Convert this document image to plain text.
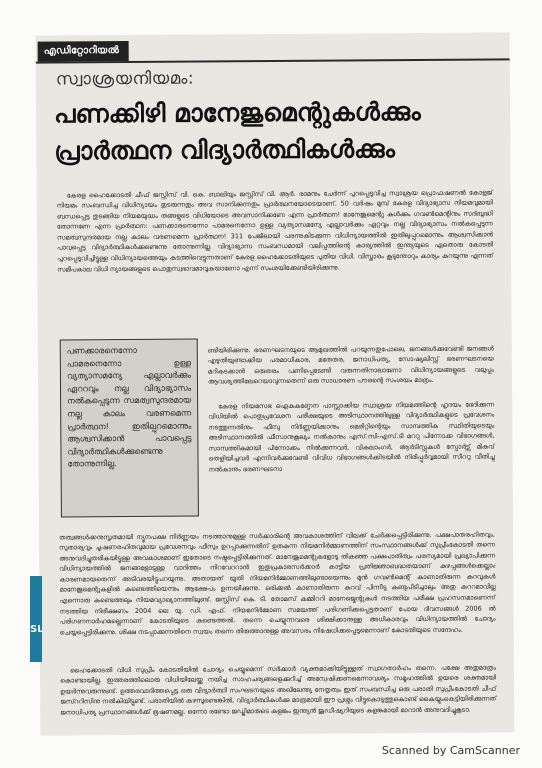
എഡിറ്റോറിയൽ
സ്വാശ്രയനിയമം:
പണക്കിഴി മാനേജുമെന്റുകൾക്കും
പ്രാർത്ഥന വിദ്യാർത്ഥികൾക്കും

കേരള ഹൈക്കോടതി ചീഫ് ജസ്റ്റിസ് വി. കെ. ബാലിയും ജസ്റ്റിസ് വി. ആർ. രാമനും ചേർന്ന് പുറപ്പെടുവിച്ച സ്വാശ്രയ പ്രൊഫഷണൽ കോളജ് നിയമം സംബന്ധിച്ച വിധിന്യായം തുടരുന്നതും അവ സാനിക്കുന്നതും പ്രാർത്ഥനയോടെയാണ്. 50 വർഷം മുമ്പ് കേരള വിദ്യാഭ്യാസ നിയമവുമായി ബന്ധപ്പെട്ട തുടങ്ങിയ നിയമയുദ്ധം തങ്ങളുടെ വിധിയോടെ അവസാനിക്കണേ എന്ന പ്രാർത്ഥന! മാനേജുമെന്റു കൾക്കും ഗവൺമെന്റിനും സദ്ബുദ്ധി തോന്നണേ എന്ന പ്രാർത്ഥന: പണക്കാരനെന്നോ പാമരനെന്നോ ഉള്ള വ്യത്യാസമന്യേ എല്ലാവർക്കും ഏറ്റവും നല്ല വിദ്യാഭ്യാസം നൽകപ്പെടുന്ന സമത്വസുന്ദരമായ നല്ല കാലം വരണമെന്ന പ്രാർത്ഥന! 311 പേജിലായി പരന്നുകിടക്കുന്ന വിധിന്യായത്തിൽ ഇതിലുപ്പുറമൊന്നും ആശ്വസിക്കാൻ പാവപ്പെട്ട വിദ്യാർത്ഥികൾക്കുണ്ടെന്നു തോന്നുന്നില്ല. വിദ്യാഭ്യാസ സംബന്ധമായി വലിപ്പത്തിന്റെ കാര്യത്തിൽ ഇന്ത്യയുടെ ഏതൊരു കോടതി പുറപ്പെടുവിച്ചിട്ടുള്ള വിധിന്യായത്തെയും കടത്തിവെട്ടുന്നതാണ് കേരള ഹൈക്കോടതിയുടെ പുതിയ വിധി. വിസ്താരം കൂടുന്തോറും കാര്യം കുറയുന്നു എന്നത് സമീപകാല വിധി ന്യായങ്ങളുടെ പൊതുസ്വഭാവമാവുകയാണോ എന്ന് സംശയിക്കേണ്ടിയിരിക്കുന്നു.

പണക്കാരനെന്നോ പാമരനെന്നോ ഉള്ള വ്യത്യാസമന്യേ എല്ലാവർക്കും ഏററവും നല്ല വിദ്യാഭ്യാസം നൽകപ്പെടുന്ന സമത്വസുന്ദരമായ നല്ല കാലം വരണമെന്ന പ്രാർത്ഥന! ഇതില്പുറമൊന്നും ആശ്വസിക്കാൻ പാവപ്പെട്ട വിദ്യാർത്ഥികൾക്കുണ്ടെന്നു തോന്നുന്നില്ല.

ണ്ടിയിരിക്കുന്നു. ഭരണഘടനയുടെ ആമുഖത്തിൽ പറയുന്നതുപോലെ, ജനങ്ങൾക്കുവേണ്ടി ജനങ്ങൾ എഴുതിയുണ്ടാക്കിയ പരമാധികാര, മതേതര, ജനാധിപത്യ, സോഷ്യലിസ്റ്റ് ഭരണഘടനയെ മറികടക്കാൻ ഒരുതരം പണിപ്പെടേണ്ടി വരുന്നതിനാലാണോ വിധിന്യായങ്ങളുടെ വലുപ്പം ആവശ്യത്തിലേറെയാവുന്നതെന്ന് ഒരു സാധാരണ പൗരന്റെ സംശയം മാത്രം.

കേരള നിയമസഭ ഐകകണ്ഠേന പാസ്സാക്കിയ സ്വാശ്രയ നിയമത്തിന്റെ ഹൃദയം ഭേദിക്കുന്ന വിധിയിൽ പൊതുപ്രവേശന പരീക്ഷയുടെ അടിസ്ഥാനത്തിലുള്ള വിദ്യാർത്ഥികളുടെ പ്രവേശനം നടത്തുന്നതിനും ഫീസു നിർണ്ണയിക്കാനും മെരിറ്റിന്റെയും സാമ്പത്തിക സ്ഥിതിയുടെയും അടിസ്ഥാനത്തിൽ ഫീസാനുകൂല്യം നൽകാനും എസ്.സി-എസ്.ടി മററു പിന്നോക്ക വിഭാഗങ്ങൾ, സാമ്പത്തികമായി പിന്നോക്കം നിൽക്കുന്നവർ, വികലാംഗർ, ആർടിസ്റ്റുകൾ സ്പോർട്സ് മികവ് തെളിയിച്ചവർ എന്നിവർക്കുവേണ്ടി വിവിധ വിഭാഗങ്ങൾക്കിടയിൽ നിരിപ്പുർവ്വമായി സീററു വീതിച്ചു നൽകാനും ഭരണഘടനാ

തത്വങ്ങൾക്കനുസൃതമായി ന്യൂനപക്ഷ നിർണ്ണയം നടത്താനുമുള്ള സർക്കാരിന്റെ അവകാശത്തിന് വിലക്ക് ചേർക്കപ്പെട്ടിരിക്കുന്നു. പക്ഷപാതരഹിതവും, സുതാര്യവും ചൂഷണരഹിതവുമായ പ്രവേശനവും ഫീസും ഉറപ്പാക്കുന്നതിന് ഉതകുന്ന നിയമനിർമ്മാണത്തിന് സംസ്ഥാനങ്ങൾക്ക് സുപ്രീംകോടതി തന്നെ അനുവദിച്ചുതരികയിട്ടുള്ള അവകാശമാണ് ഇതോടെ നഷ്ടപ്പെട്ടിരിക്കുന്നത്. മാനേജുമെന്റുകളോടു തികഞ്ഞ പക്ഷപാതിത്വം പരസ്യമായി പ്രഖ്യാപിക്കുന്ന വിധിന്യായത്തിൽ ജനങ്ങളോടുള്ള വാദിത്തം നിറവേററാൻ ഇതുപ്രകാരസർക്കാർ കാട്ടിയ പ്രതിജ്ഞാബദ്ധതയാണ് കുഴപ്പങ്ങൾക്കെല്ലാം കാരണമായതെന്ന് അടിവരയിട്ടുപറയുന്നു. അതായത് യുതി നിയമനിർമ്മാണത്തിലുണ്ടായെന്നും മുൻ ഗവൺമെന്റ് കാണാതിരുന്ന കുറവുകൾ മാനേജുമെന്റുകളിൽ കണ്ടെത്തിയെന്നും ആക്ഷേപം ഉന്നയിക്കുന്നു. ഒരിക്കൽ കാണാതിരുന്ന കുറവ് പിന്നീടു കണ്ടുപിടിച്ചാലും അതു കുററമാവില്ല എന്നൊരു കണ്ടെത്തലും നിയമവ്യാഖ്യാനത്തിലുണ്ട്. ജസ്റ്റിസ് കെ. ടി. തോമസ് കമ്മിററി മാനേജ്മെന്റുകൾ നടത്തിയ പരീക്ഷ പ്രഹസനമാണെന്ന് നടത്തിയ നിരീക്ഷണം 2004 ലെ യു. ഡി. എഫ്. നിയമനിർമ്മാണ സമയത്ത് പരിഗണിക്കപ്പെട്ടതാണ് പോയ ദിവസങ്ങൾ 2006 ൽ പരിഗണനാർഹമല്ലെന്നാണ് കോടതിയുടെ കണ്ടെത്തൽ. തന്നെ ചെയ്യുന്നവരെ ശിക്ഷിക്കാനുള്ള അധികാരവും വിധിന്യായത്തിൽ ചോദ്യം ചെയ്യപ്പെട്ടിരിക്കുന്നു. ശിക്ഷ നടപ്പാക്കുന്നതിനെ സ്വയം തന്നെ തിരുത്താനുള്ള അവസരം നിഷേധിക്കപ്പെടുമെന്നാണ് കോടതിയുടെ സന്ദേഹം.

ഹൈക്കോടതി വിധി സുപ്രീം കോടതിയിൽ ചോദ്യം ചെയ്യുമെന്ന് സർക്കാർ വ്യക്തമാക്കിയിട്ടുള്ളത് സ്വാഗതാർഹം തന്നെ. പക്ഷേ അതുമാത്രം കൊണ്ടായില്ല. ഇത്തരത്തിലൊരു വിധിയിലേയ്ക്കു നയിച്ച സാഹചര്യങ്ങളെക്കുറിച്ച് അന്വേഷിക്കണമെന്നാവശ്യം സമൂഹത്തിൽ ഉയരെ ശക്തമായി ഉയർന്നുവരുന്നുണ്ട്. ഉത്തരവാദിത്തപ്പെട്ട ഒരു വിദ്യാർത്ഥി സംഘടനയുടെ അഖിലേന്ത്യ നേതൃത്വം ഇത് സംബന്ധിച്ച ഒരു പരാതി സുപ്രീംകോടതി ചീഫ് ജസ്ററിസിനു നൽകിയിട്ടുണ്ട്. പരാതിയിൽ കഴമ്പുണ്ടെങ്കിൽ, വിദ്യാർത്ഥികൾക്കു മാത്രമായി ഈ പ്രശ്നം വിട്ടുകൊടുത്തുകൊണ്ട് കൈയ്യുംകെട്ടിയിരിക്കുന്നത് ജനാധിപത്യ പ്രസ്ഥാനങ്ങൾക്ക് ഭൂഷണമല്ല. ഒന്നോ രണ്ടോ ജഡ്ജിമാരുടെ കളങ്കം ഇന്ത്യൻ ജുഡീഷ്യറിയുടെ കളങ്കമായി മാറാൻ അനുവദിച്ചുകൂടാ.

SL
Scanned by CamScanner
